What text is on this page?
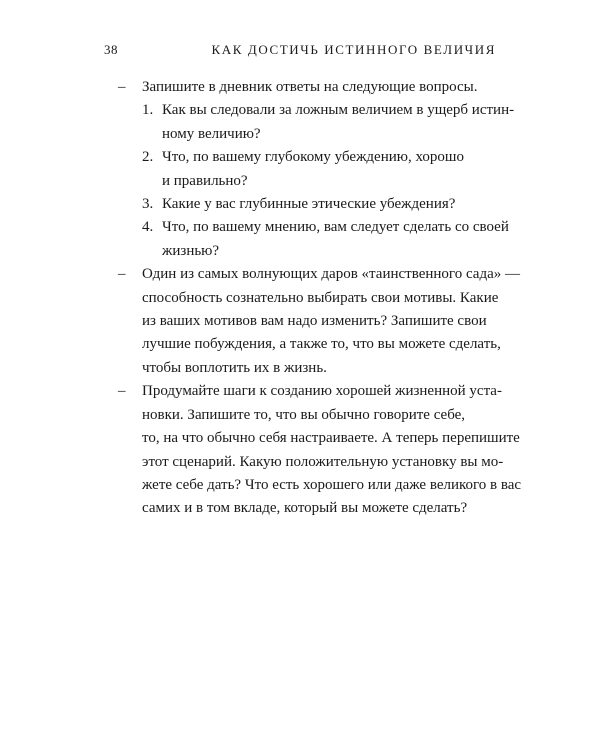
38	КАК ДОСТИЧЬ ИСТИННОГО ВЕЛИЧИЯ
– Запишите в дневник ответы на следующие вопросы.
1. Как вы следовали за ложным величием в ущерб истин-
ному величию?
2. Что, по вашему глубокому убеждению, хорошо
и правильно?
3. Какие у вас глубинные этические убеждения?
4. Что, по вашему мнению, вам следует сделать со своей
жизнью?
– Один из самых волнующих даров «таинственного сада» —
способность сознательно выбирать свои мотивы. Какие
из ваших мотивов вам надо изменить? Запишите свои
лучшие побуждения, а также то, что вы можете сделать,
чтобы воплотить их в жизнь.
– Продумайте шаги к созданию хорошей жизненной уста-
новки. Запишите то, что вы обычно говорите себе,
то, на что обычно себя настраиваете. А теперь перепишите
этот сценарий. Какую положительную установку вы мо-
жете себе дать? Что есть хорошего или даже великого в вас
самих и в том вкладе, который вы можете сделать?
